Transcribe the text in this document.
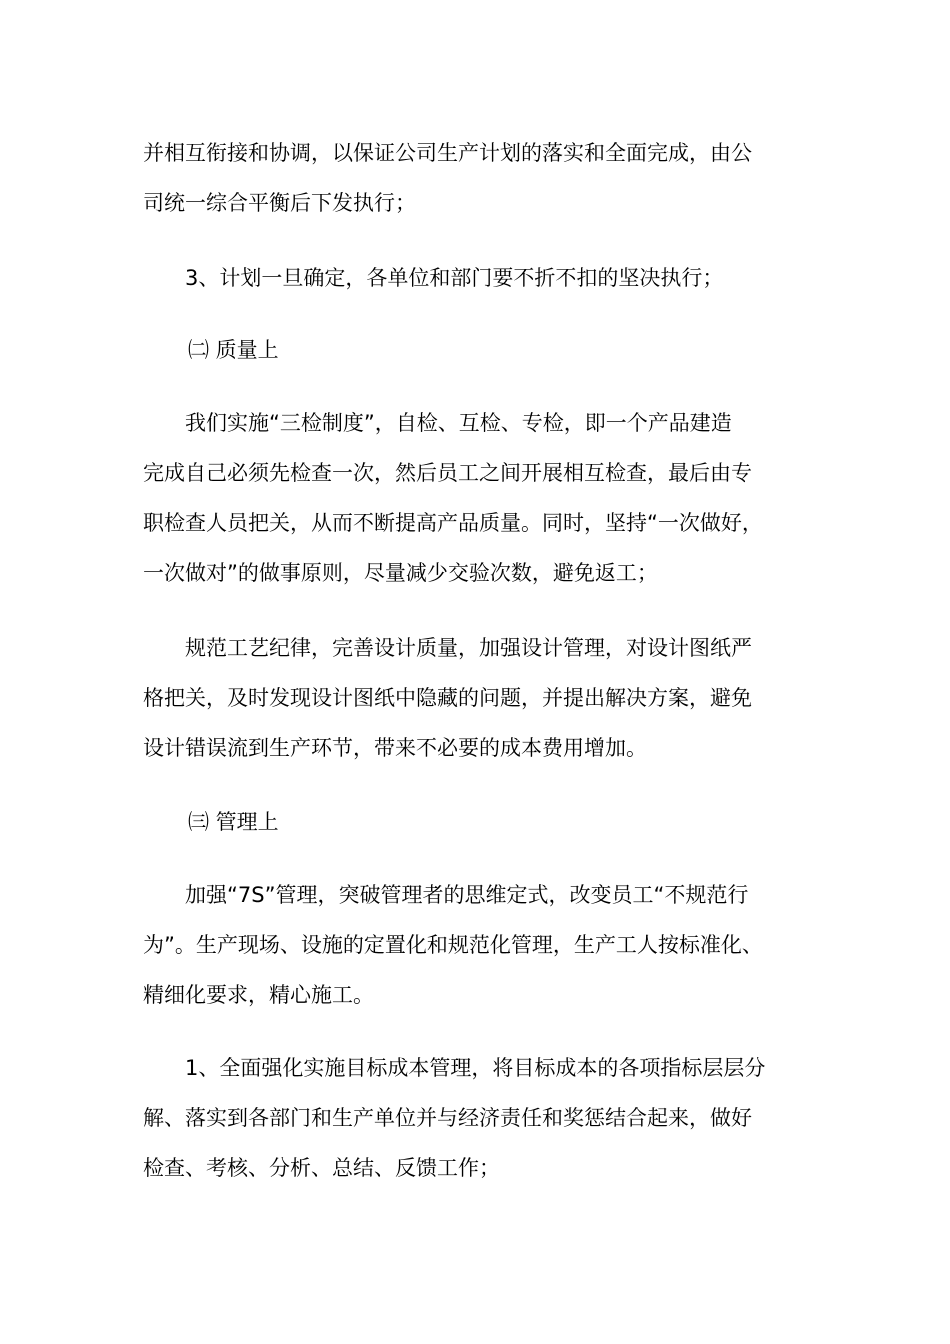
并相互衔接和协调，以保证公司生产计划的落实和全面完成，由公
司统一综合平衡后下发执行；
　　3、计划一旦确定，各单位和部门要不折不扣的坚决执行；
㈡ 质量上
　　我们实施“三检制度”，自检、互检、专检，即一个产品建造
完成自己必须先检查一次，然后员工之间开展相互检查，最后由专
职检查人员把关，从而不断提高产品质量。同时，坚持“一次做好，
一次做对”的做事原则，尽量减少交验次数，避免返工；
　　规范工艺纪律，完善设计质量，加强设计管理，对设计图纸严
格把关，及时发现设计图纸中隐藏的问题，并提出解决方案，避免
设计错误流到生产环节，带来不必要的成本费用增加。
㈢ 管理上
　　加强“7S”管理，突破管理者的思维定式，改变员工“不规范行
为”。生产现场、设施的定置化和规范化管理，生产工人按标准化、
精细化要求，精心施工。
　　1、全面强化实施目标成本管理，将目标成本的各项指标层层分
解、落实到各部门和生产单位并与经济责任和奖惩结合起来，做好
检查、考核、分析、总结、反馈工作；
